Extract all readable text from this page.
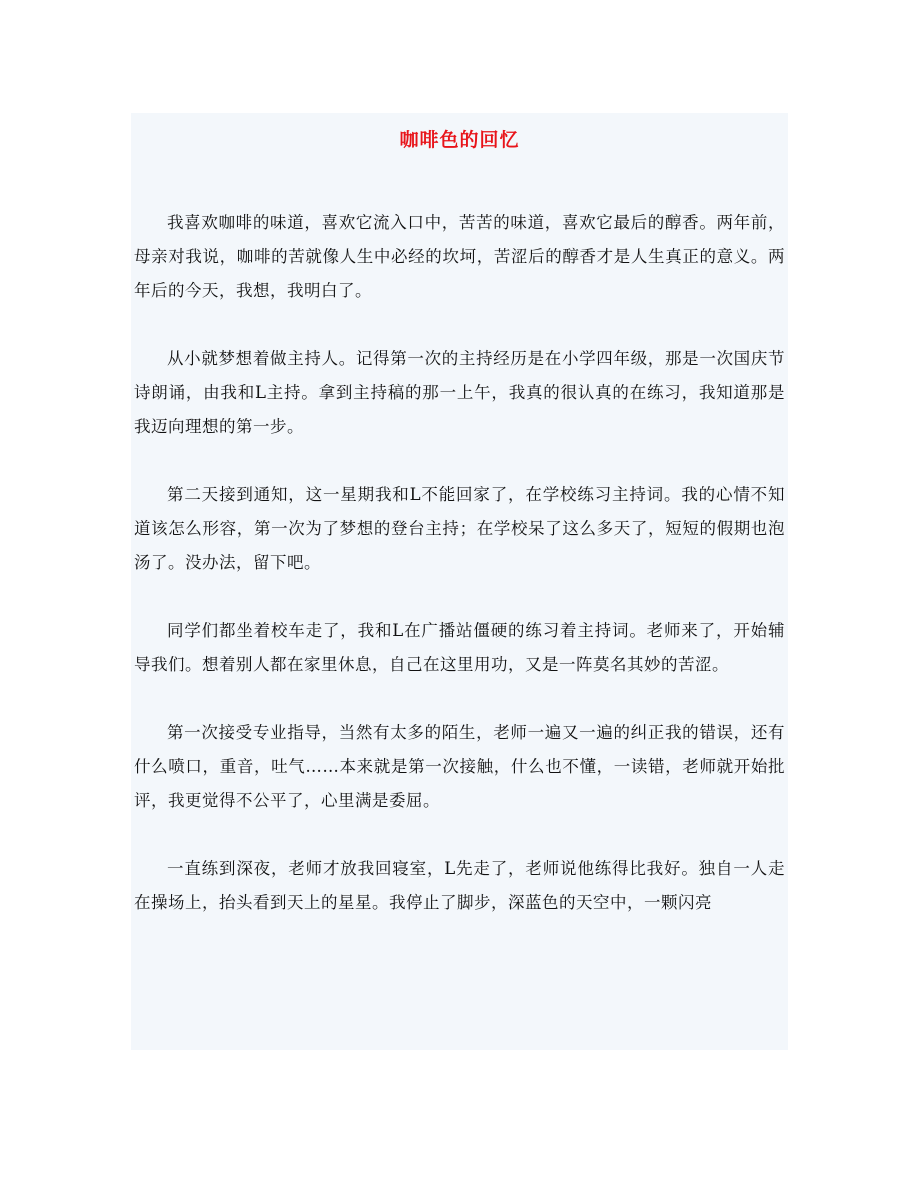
咖啡色的回忆

我喜欢咖啡的味道，喜欢它流入口中，苦苦的味道，喜欢它最后的醇香。两年前，母亲对我说，咖啡的苦就像人生中必经的坎坷，苦涩后的醇香才是人生真正的意义。两年后的今天，我想，我明白了。

从小就梦想着做主持人。记得第一次的主持经历是在小学四年级，那是一次国庆节诗朗诵，由我和L主持。拿到主持稿的那一上午，我真的很认真的在练习，我知道那是我迈向理想的第一步。

第二天接到通知，这一星期我和L不能回家了，在学校练习主持词。我的心情不知道该怎么形容，第一次为了梦想的登台主持；在学校呆了这么多天了，短短的假期也泡汤了。没办法，留下吧。

同学们都坐着校车走了，我和L在广播站僵硬的练习着主持词。老师来了，开始辅导我们。想着别人都在家里休息，自己在这里用功，又是一阵莫名其妙的苦涩。

第一次接受专业指导，当然有太多的陌生，老师一遍又一遍的纠正我的错误，还有什么喷口，重音，吐气……本来就是第一次接触，什么也不懂，一读错，老师就开始批评，我更觉得不公平了，心里满是委屈。

一直练到深夜，老师才放我回寝室，L先走了，老师说他练得比我好。独自一人走在操场上，抬头看到天上的星星。我停止了脚步，深蓝色的天空中，一颗闪亮
